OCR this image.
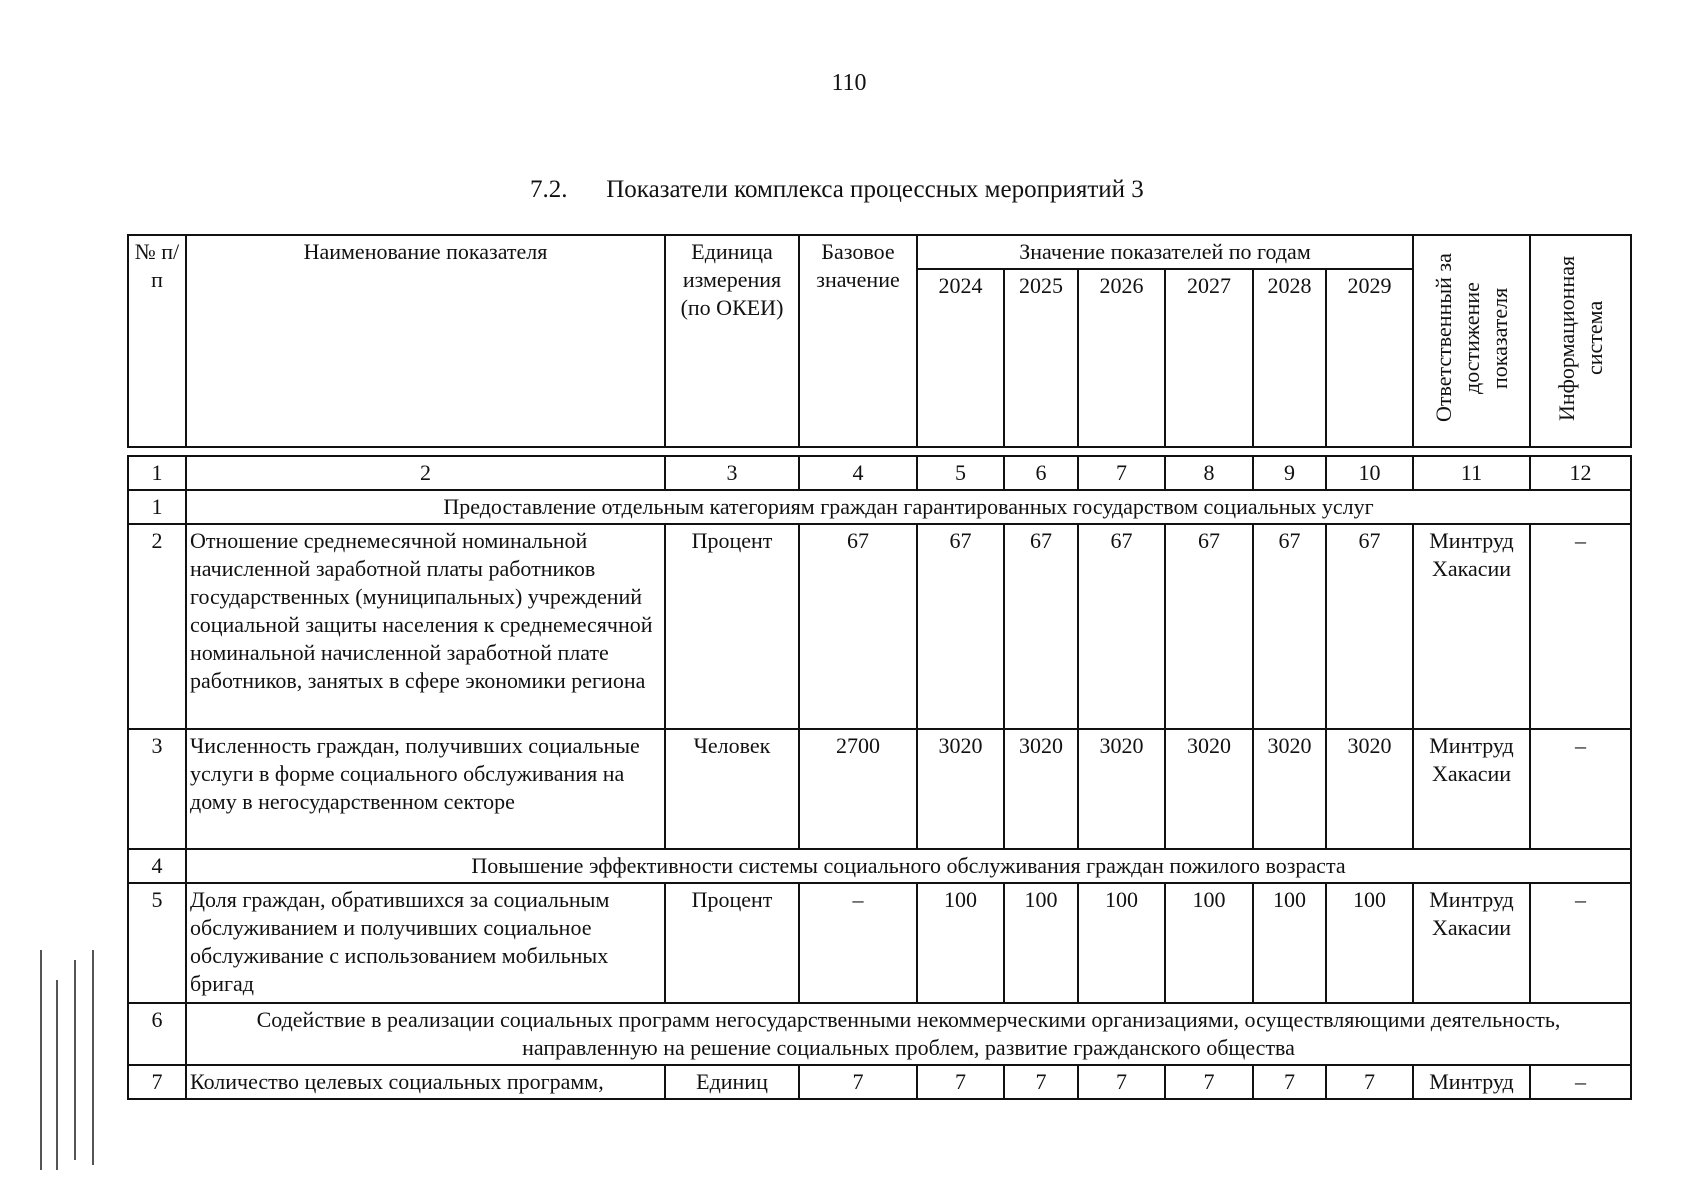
110
7.2. Показатели комплекса процессных мероприятий 3
№ п/п	Наименование показателя	Единица измерения (по ОКЕИ)	Базовое значение	Значение показателей по годам						Ответственный за достижение показателя	Информационная система

				2024	2025	2026	2027	2028	2029		
1	2	3	4	5	6	7	8	9	10	11	12
1	Предоставление отдельным категориям граждан гарантированных государством социальных услуг										
2	Отношение среднемесячной номинальной начисленной заработной платы работников государственных (муниципальных) учреждений социальной защиты населения к среднемесячной номинальной начисленной заработной плате работников, занятых в сфере экономики региона	Процент	67	67	67	67	67	67	67	Минтруд Хакасии	–
3	Численность граждан, получивших социальные услуги в форме социального обслуживания на дому в негосударственном секторе	Человек	2700	3020	3020	3020	3020	3020	3020	Минтруд Хакасии	–
4	Повышение эффективности системы социального обслуживания граждан пожилого возраста										
5	Доля граждан, обратившихся за социальным обслуживанием и получивших социальное обслуживание с использованием мобильных бригад	Процент	–	100	100	100	100	100	100	Минтруд Хакасии	–
6	Содействие в реализации социальных программ негосударственными некоммерческими организациями, осуществляющими деятельность, направленную на решение социальных проблем, развитие гражданского общества										
7	Количество целевых социальных программ,	Единиц	7	7	7	7	7	7	7	Минтруд	–
